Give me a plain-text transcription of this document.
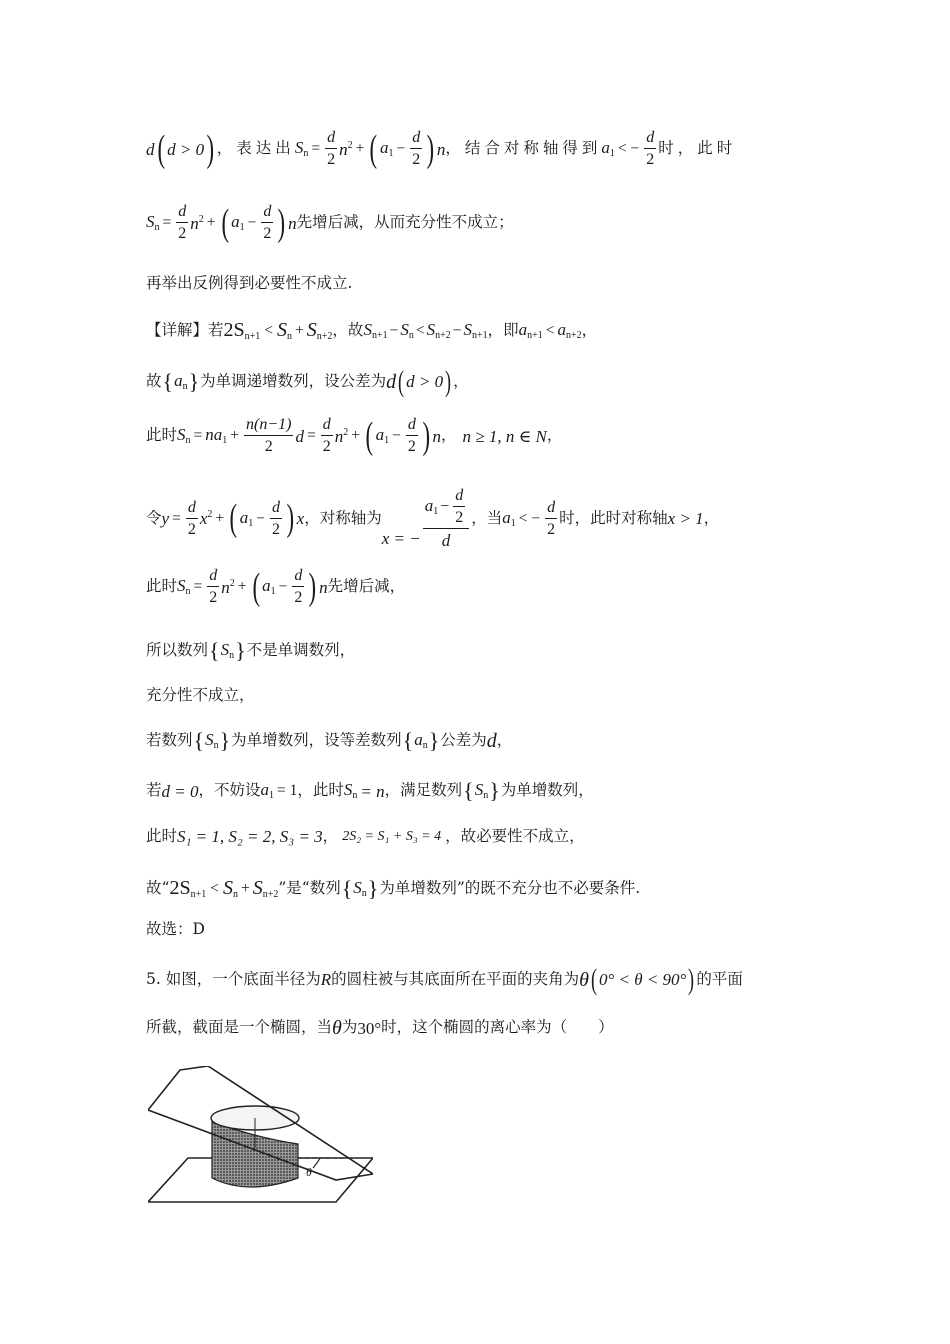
d ( d > 0 ) ，表达出 $S_n = \frac{d}{2} n^2$ + ( $a_1 - \frac{d}{2}$ ) n ，结合对称轴得到 $a_1$ < − $\frac{d}{2}$ 时，此时
$S_n = \frac{d}{2} n^2$ + ( $a_1 - \frac{d}{2}$ ) n 先增后减，从而充分性不成立；
再举出反例得到必要性不成立.
【详解】若 $2S_{n+1} < S_n + S_{n+2}$ ，故 $S_{n+1} - S_n < S_{n+2} - S_{n+1}$ ，即 $a_{n+1} < a_{n+2}$ ，
故 { $a_n$ } 为单调递增数列，设公差为 d ( d > 0 ) ，
此时 $S_n = na_1 + \frac{n(n-1)}{2}$ $d = \frac{d}{2} n^2$ + ( $a_1 - \frac{d}{2}$ ) n ， n ≥ 1, n ∈ N ，
令 $y = \frac{d}{2} x^2$ + ( $a_1 - \frac{d}{2}$ ) x ，对称轴为
x = − $\frac{a_1 - \frac{d}{2}}{d}$ ，当 $a_1$ < − $\frac{d}{2}$ 时，此时对称轴 x > 1 ，
此时 $S_n = \frac{d}{2} n^2$ + ( $a_1 - \frac{d}{2}$ ) n 先增后减，
所以数列 { $S_n$ } 不是单调数列，
充分性不成立，
若数列 { $S_n$ } 为单增数列，设等差数列 { $a_n$ } 公差为 d ，
若 d = 0 ，不妨设 $a_1 = 1$ ，此时 $S_n = n$ ，满足数列 { $S_n$ } 为单增数列，
此时 S₁ = 1, S₂ = 2, S₃ = 3 ， 2S₂ = S₁ + S₃ = 4 ，故必要性不成立，
故“ $2S_{n+1} < S_n + S_{n+2}$ ”是“数列 { $S_n$ } 为单增数列”的既不充分也不必要条件.
故选：D
5. 如图，一个底面半径为 R 的圆柱被与其底面所在平面的夹角为 θ ( 0° < θ < 90° ) 的平面
所截，截面是一个椭圆，当 θ 为 30° 时，这个椭圆的离心率为（　　）
θ
